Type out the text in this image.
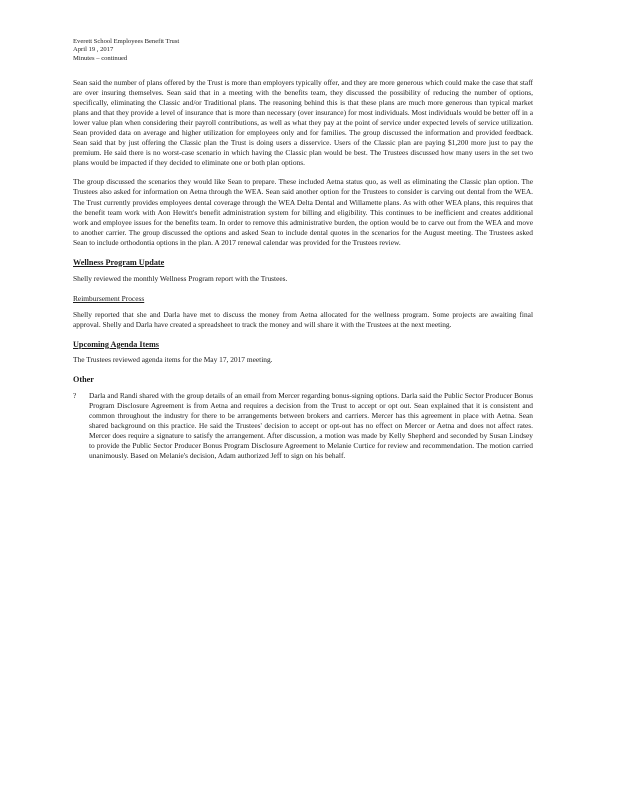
Everett School Employees Benefit Trust
April 19 , 2017
Minutes – continued

Sean said the number of plans offered by the Trust is more than employers typically offer, and they are more generous which could make the case that staff are over insuring themselves. Sean said that in a meeting with the benefits team, they discussed the possibility of reducing the number of options, specifically, eliminating the Classic and/or Traditional plans. The reasoning behind this is that these plans are much more generous than typical market plans and that they provide a level of insurance that is more than necessary (over insurance) for most individuals. Most individuals would be better off in a lower value plan when considering their payroll contributions, as well as what they pay at the point of service under expected levels of service utilization. Sean provided data on average and higher utilization for employees only and for families. The group discussed the information and provided feedback. Sean said that by just offering the Classic plan the Trust is doing users a disservice. Users of the Classic plan are paying $1,200 more just to pay the premium. He said there is no worst-case scenario in which having the Classic plan would be best. The Trustees discussed how many users in the set two plans would be impacted if they decided to eliminate one or both plan options.

The group discussed the scenarios they would like Sean to prepare. These included Aetna status quo, as well as eliminating the Classic plan option. The Trustees also asked for information on Aetna through the WEA. Sean said another option for the Trustees to consider is carving out dental from the WEA. The Trust currently provides employees dental coverage through the WEA Delta Dental and Willamette plans. As with other WEA plans, this requires that the benefit team work with Aon Hewitt's benefit administration system for billing and eligibility. This continues to be inefficient and creates additional work and employee issues for the benefits team. In order to remove this administrative burden, the option would be to carve out from the WEA and move to another carrier. The group discussed the options and asked Sean to include dental quotes in the scenarios for the August meeting. The Trustees asked Sean to include orthodontia options in the plan. A 2017 renewal calendar was provided for the Trustees review.

Wellness Program Update

Shelly reviewed the monthly Wellness Program report with the Trustees.

Reimbursement Process

Shelly reported that she and Darla have met to discuss the money from Aetna allocated for the wellness program. Some projects are awaiting final approval. Shelly and Darla have created a spreadsheet to track the money and will share it with the Trustees at the next meeting.

Upcoming Agenda Items

The Trustees reviewed agenda items for the May 17, 2017 meeting.

Other
?	Darla and Randi shared with the group details of an email from Mercer regarding bonus-signing options. Darla said the Public Sector Producer Bonus Program Disclosure Agreement is from Aetna and requires a decision from the Trust to accept or opt out. Sean explained that it is consistent and common throughout the industry for there to be arrangements between brokers and carriers. Mercer has this agreement in place with Aetna. Sean shared background on this practice. He said the Trustees' decision to accept or opt-out has no effect on Mercer or Aetna and does not affect rates. Mercer does require a signature to satisfy the arrangement. After discussion, a motion was made by Kelly Shepherd and seconded by Susan Lindsey to provide the Public Sector Producer Bonus Program Disclosure Agreement to Melanie Curtice for review and recommendation. The motion carried unanimously. Based on Melanie's decision, Adam authorized Jeff to sign on his behalf.
